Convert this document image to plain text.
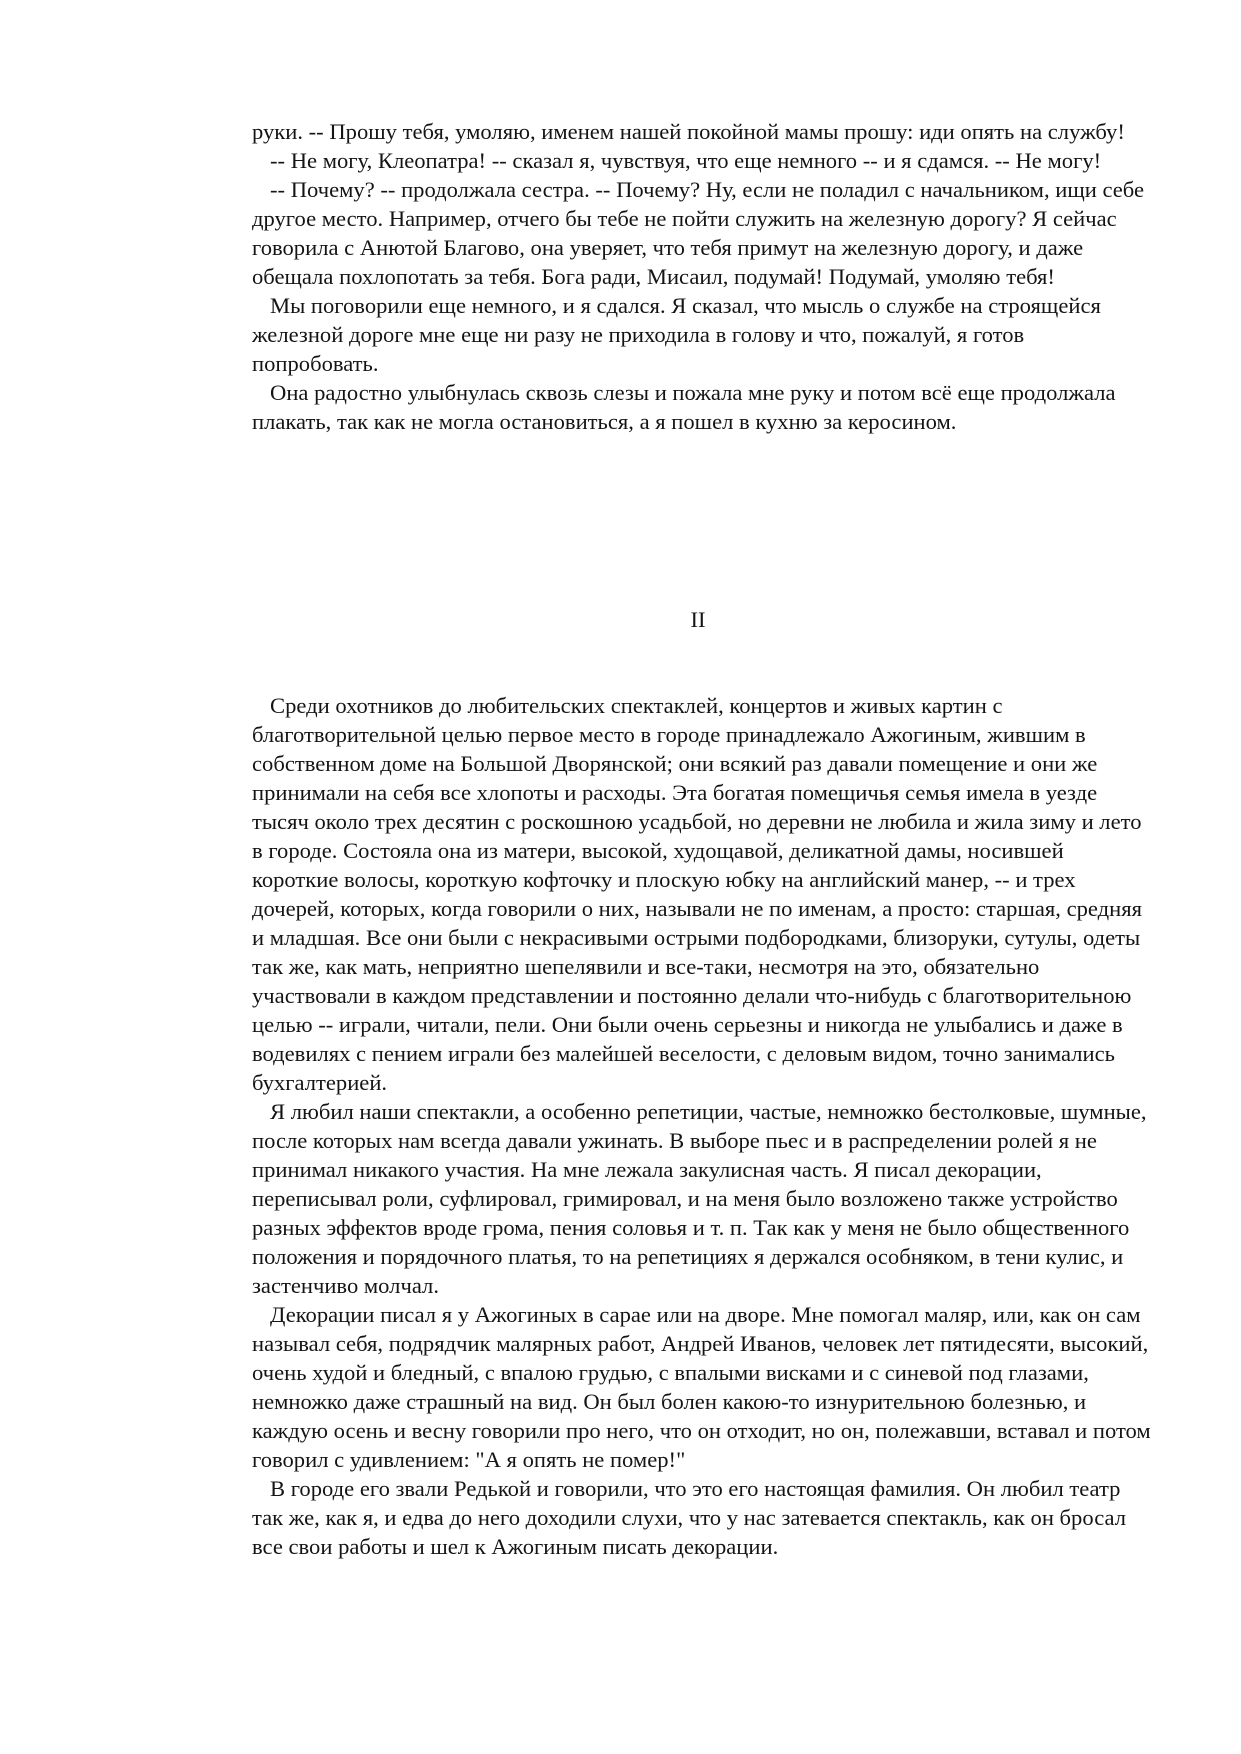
руки. -- Прошу тебя, умоляю, именем нашей покойной мамы прошу: иди опять на службу!

-- Не могу, Клеопатра! -- сказал я, чувствуя, что еще немного -- и я сдамся. -- Не могу!

-- Почему? -- продолжала сестра. -- Почему? Ну, если не поладил с начальником, ищи себе другое место. Например, отчего бы тебе не пойти служить на железную дорогу? Я сейчас говорила с Анютой Благово, она уверяет, что тебя примут на железную дорогу, и даже обещала похлопотать за тебя. Бога ради, Мисаил, подумай! Подумай, умоляю тебя!

Мы поговорили еще немного, и я сдался. Я сказал, что мысль о службе на строящейся железной дороге мне еще ни разу не приходила в голову и что, пожалуй, я готов попробовать.

Она радостно улыбнулась сквозь слезы и пожала мне руку и потом всё еще продолжала плакать, так как не могла остановиться, а я пошел в кухню за керосином.

II

Среди охотников до любительских спектаклей, концертов и живых картин с благотворительной целью первое место в городе принадлежало Ажогиным, жившим в собственном доме на Большой Дворянской; они всякий раз давали помещение и они же принимали на себя все хлопоты и расходы. Эта богатая помещичья семья имела в уезде тысяч около трех десятин с роскошною усадьбой, но деревни не любила и жила зиму и лето в городе. Состояла она из матери, высокой, худощавой, деликатной дамы, носившей короткие волосы, короткую кофточку и плоскую юбку на английский манер, -- и трех дочерей, которых, когда говорили о них, называли не по именам, а просто: старшая, средняя и младшая. Все они были с некрасивыми острыми подбородками, близоруки, сутулы, одеты так же, как мать, неприятно шепелявили и все-таки, несмотря на это, обязательно участвовали в каждом представлении и постоянно делали что-нибудь с благотворительною целью -- играли, читали, пели. Они были очень серьезны и никогда не улыбались и даже в водевилях с пением играли без малейшей веселости, с деловым видом, точно занимались бухгалтерией.

Я любил наши спектакли, а особенно репетиции, частые, немножко бестолковые, шумные, после которых нам всегда давали ужинать. В выборе пьес и в распределении ролей я не принимал никакого участия. На мне лежала закулисная часть. Я писал декорации, переписывал роли, суфлировал, гримировал, и на меня было возложено также устройство разных эффектов вроде грома, пения соловья и т. п. Так как у меня не было общественного положения и порядочного платья, то на репетициях я держался особняком, в тени кулис, и застенчиво молчал.

Декорации писал я у Ажогиных в сарае или на дворе. Мне помогал маляр, или, как он сам называл себя, подрядчик малярных работ, Андрей Иванов, человек лет пятидесяти, высокий, очень худой и бледный, с впалою грудью, с впалыми висками и с синевой под глазами, немножко даже страшный на вид. Он был болен какою-то изнурительною болезнью, и каждую осень и весну говорили про него, что он отходит, но он, полежавши, вставал и потом говорил с удивлением: "А я опять не помер!"

В городе его звали Редькой и говорили, что это его настоящая фамилия. Он любил театр так же, как я, и едва до него доходили слухи, что у нас затевается спектакль, как он бросал все свои работы и шел к Ажогиным писать декорации.
